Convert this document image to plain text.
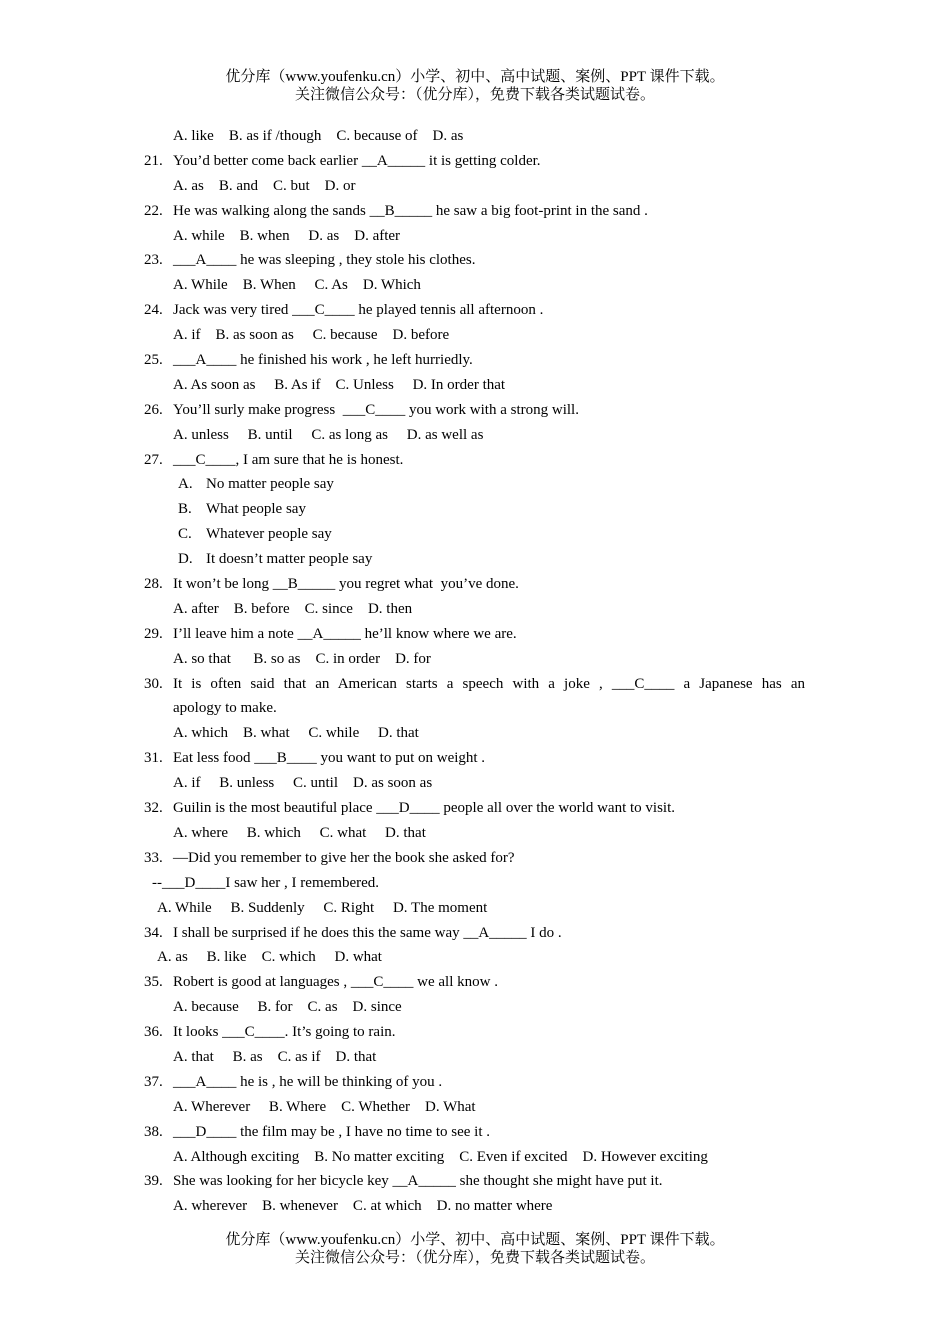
优分库（www.youfenku.cn）小学、初中、高中试题、案例、PPT 课件下载。
关注微信公众号：（优分库），免费下载各类试题试卷。
A. like    B. as if /though    C. because of    D. as
21. You’d better come back earlier __A_____ it is getting colder.
A. as    B. and    C. but    D. or
22. He was walking along the sands __B_____ he saw a big foot-print in the sand .
A. while    B. when     D. as    D. after
23. ___A____ he was sleeping , they stole his clothes.
A. While    B. When     C. As    D. Which
24. Jack was very tired ___C____ he played tennis all afternoon .
A. if    B. as soon as     C. because    D. before
25. ___A____ he finished his work , he left hurriedly.
A. As soon as     B. As if    C. Unless     D. In order that
26. You’ll surly make progress  ___C____ you work with a strong will.
A. unless     B. until     C. as long as     D. as well as
27. ___C____, I am sure that he is honest.
A. No matter people say
B. What people say
C. Whatever people say
D. It doesn’t matter people say
28. It won’t be long __B_____ you regret what  you’ve done.
A. after    B. before    C. since    D. then
29. I’ll leave him a note __A_____ he’ll know where we are.
A. so that      B. so as    C. in order    D. for
30. It is often said that an American starts a speech with a joke , ___C____ a Japanese has an
apology to make.
A. which    B. what     C. while     D. that
31. Eat less food ___B____ you want to put on weight .
A. if     B. unless     C. until    D. as soon as
32. Guilin is the most beautiful place ___D____ people all over the world want to visit.
A. where     B. which     C. what     D. that
33. —Did you remember to give her the book she asked for?
--___D____I saw her , I remembered.
A. While     B. Suddenly     C. Right     D. The moment
34. I shall be surprised if he does this the same way __A_____ I do .
A. as     B. like    C. which     D. what
35. Robert is good at languages , ___C____ we all know .
A. because     B. for    C. as    D. since
36. It looks ___C____. It’s going to rain.
A. that     B. as    C. as if    D. that
37. ___A____ he is , he will be thinking of you .
A. Wherever     B. Where    C. Whether    D. What
38. ___D____ the film may be , I have no time to see it .
A. Although exciting    B. No matter exciting    C. Even if excited    D. However exciting
39. She was looking for her bicycle key __A_____ she thought she might have put it.
A. wherever    B. whenever    C. at which    D. no matter where
优分库（www.youfenku.cn）小学、初中、高中试题、案例、PPT 课件下载。
关注微信公众号：（优分库），免费下载各类试题试卷。
